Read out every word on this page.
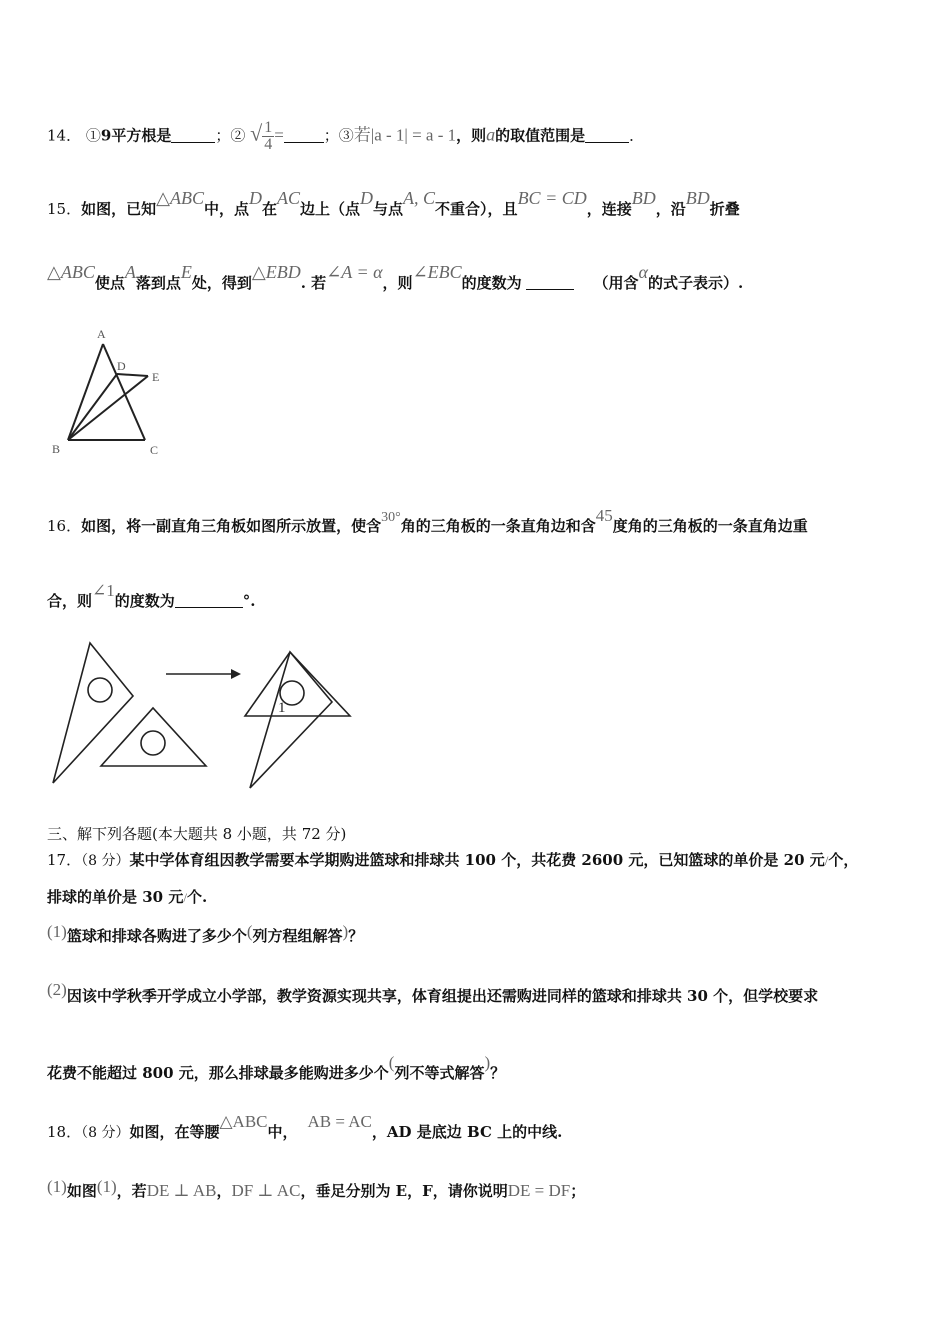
14． ①9平方根是	；② √ $\frac{1}{4}$ =	；③若|a - 1| = a - 1，则a的取值范围是	．
15．如图，已知△ABC中，点D在AC边上（点D与点A, C不重合），且BC = CD，连接BD，沿BD折叠
△ABC使点A落到点E处，得到△EBD. 若∠A = α，则∠EBC的度数为	（用含α的式子表示）.
A
D
E
B	C
16．如图，将一副直角三角板如图所示放置，使含30°角的三角板的一条直角边和含45度角的三角板的一条直角边重
合，则∠1的度数为	°.
1
三、解下列各题(本大题共 8 小题，共 72 分)
17．（8 分）某中学体育组因教学需要本学期购进篮球和排球共 100 个，共花费 2600 元，已知篮球的单价是 20 元/个，
排球的单价是 30 元/个.
(1)篮球和排球各购进了多少个(列方程组解答)？
(2)因该中学秋季开学成立小学部，教学资源实现共享，体育组提出还需购进同样的篮球和排球共 30 个，但学校要求
花费不能超过 800 元，那么排球最多能购进多少个(列不等式解答)？
18．（8 分）如图，在等腰△ABC中，AB = AC，AD 是底边 BC 上的中线.
(1)如图(1)，若DE ⊥ AB，DF ⊥ AC，垂足分别为 E，F，请你说明DE = DF；
